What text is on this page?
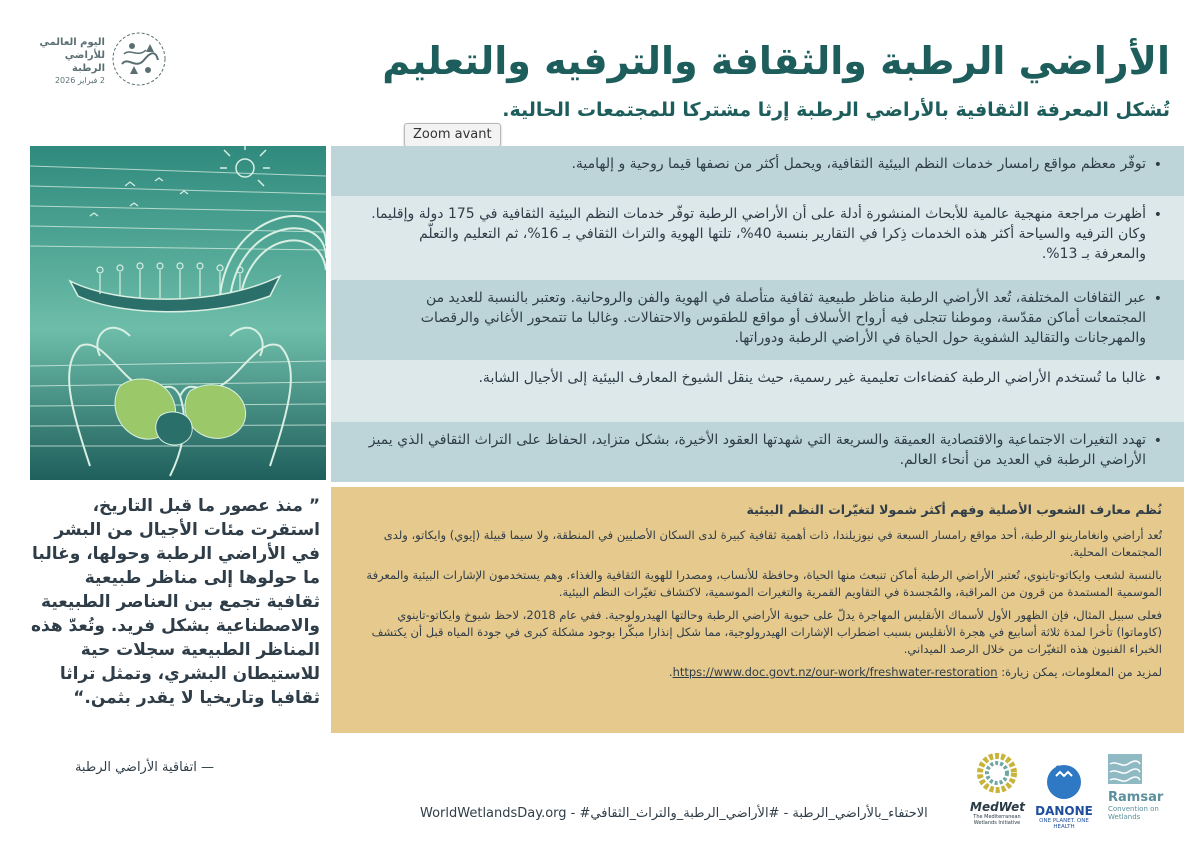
اليوم العالمي
للأراضي الرطبة
2 فبراير 2026	الأراضي الرطبة والثقافة والترفيه والتعليم
تُشكل المعرفة الثقافية بالأراضي الرطبة إرثا مشتركا للمجتمعات الحالية.
Zoom avant
•
توفّر معظم مواقع رامسار خدمات النظم البيئية الثقافية، ويحمل أكثر من نصفها قيما روحية و إلهامية.
•
أظهرت مراجعة منهجية عالمية للأبحاث المنشورة أدلة على أن الأراضي الرطبة توفّر خدمات النظم البيئية الثقافية في 175 دولة وإقليما. وكان الترفيه والسياحة أكثر هذه الخدمات ذِكرا في التقارير بنسبة 40%، تلتها الهوية والتراث الثقافي بـ 16%، ثم التعليم والتعلّم والمعرفة بـ 13%.
•
عبر الثقافات المختلفة، تُعد الأراضي الرطبة مناظر طبيعية ثقافية متأصلة في الهوية والفن والروحانية. وتعتبر بالنسبة للعديد من المجتمعات أماكن مقدّسة، وموطنا تتجلى فيه أرواح الأسلاف أو مواقع للطقوس والاحتفالات. وغالبا ما تتمحور الأغاني والرقصات والمهرجانات والتقاليد الشفوية حول الحياة في الأراضي الرطبة ودوراتها.
•
غالبا ما تُستخدم الأراضي الرطبة كفضاءات تعليمية غير رسمية، حيث ينقل الشيوخ المعارف البيئية إلى الأجيال الشابة.
•
تهدد التغيرات الاجتماعية والاقتصادية العميقة والسريعة التي شهدتها العقود الأخيرة، بشكل متزايد، الحفاظ على التراث الثقافي الذي يميز الأراضي الرطبة في العديد من أنحاء العالم.
” منذ عصور ما قبل التاريخ، استقرت مئات الأجيال من البشر في الأراضي الرطبة وحولها، وغالبا ما حولوها إلى مناظر طبيعية ثقافية تجمع بين العناصر الطبيعية والاصطناعية بشكل فريد. وتُعدّ هذه المناظر الطبيعية سجلات حية للاستيطان البشري، وتمثل تراثا ثقافيا وتاريخيا لا يقدر بثمن.“
— اتفاقية الأراضي الرطبة
نُظم معارف الشعوب الأصلية وفهم أكثر شمولا لتغيّرات النظم البيئية

تُعد أراضي وانغامارينو الرطبة، أحد مواقع رامسار السبعة في نيوزيلندا، ذات أهمية ثقافية كبيرة لدى السكان الأصليين في المنطقة، ولا سيما قبيلة (إيوي) وايكاتو، ولدى المجتمعات المحلية.

بالنسبة لشعب وايكاتو-تاينوي، تُعتبر الأراضي الرطبة أماكن تنبعث منها الحياة، وحافظة للأنساب، ومصدرا للهوية الثقافية والغذاء. وهم يستخدمون الإشارات البيئية والمعرفة الموسمية المستمدة من قرون من المراقبة، والمُجسدة في التقاويم القمرية والتغيرات الموسمية، لاكتشاف تغيّرات النظم البيئية.

فعلى سبيل المثال، فإن الظهور الأول لأسماك الأنقليس المهاجرة يدلّ على حيوية الأراضي الرطبة وحالتها الهيدرولوجية. ففي عام 2018، لاحظ شيوخ وايكاتو-تاينوي (كاوماتوا) تأخرا لمدة ثلاثة أسابيع في هجرة الأنقليس بسبب اضطراب الإشارات الهيدرولوجية، مما شكل إنذارا مبكّرا بوجود مشكلة كبرى في جودة المياه قبل أن يكتشف الخبراء الفنيون هذه التغيّرات من خلال الرصد الميداني.

لمزيد من المعلومات، يمكن زيارة: https://www.doc.govt.nz/our-work/freshwater-restoration.

MedWet
The Mediterranean Wetlands Initiative
DANONE
ONE PLANET. ONE HEALTH
Ramsar
Convention on Wetlands
WorldWetlandsDay.org - #الاحتفاء_بالأراضي_الرطبة - #الأراضي_الرطبة_والتراث_الثقافي
